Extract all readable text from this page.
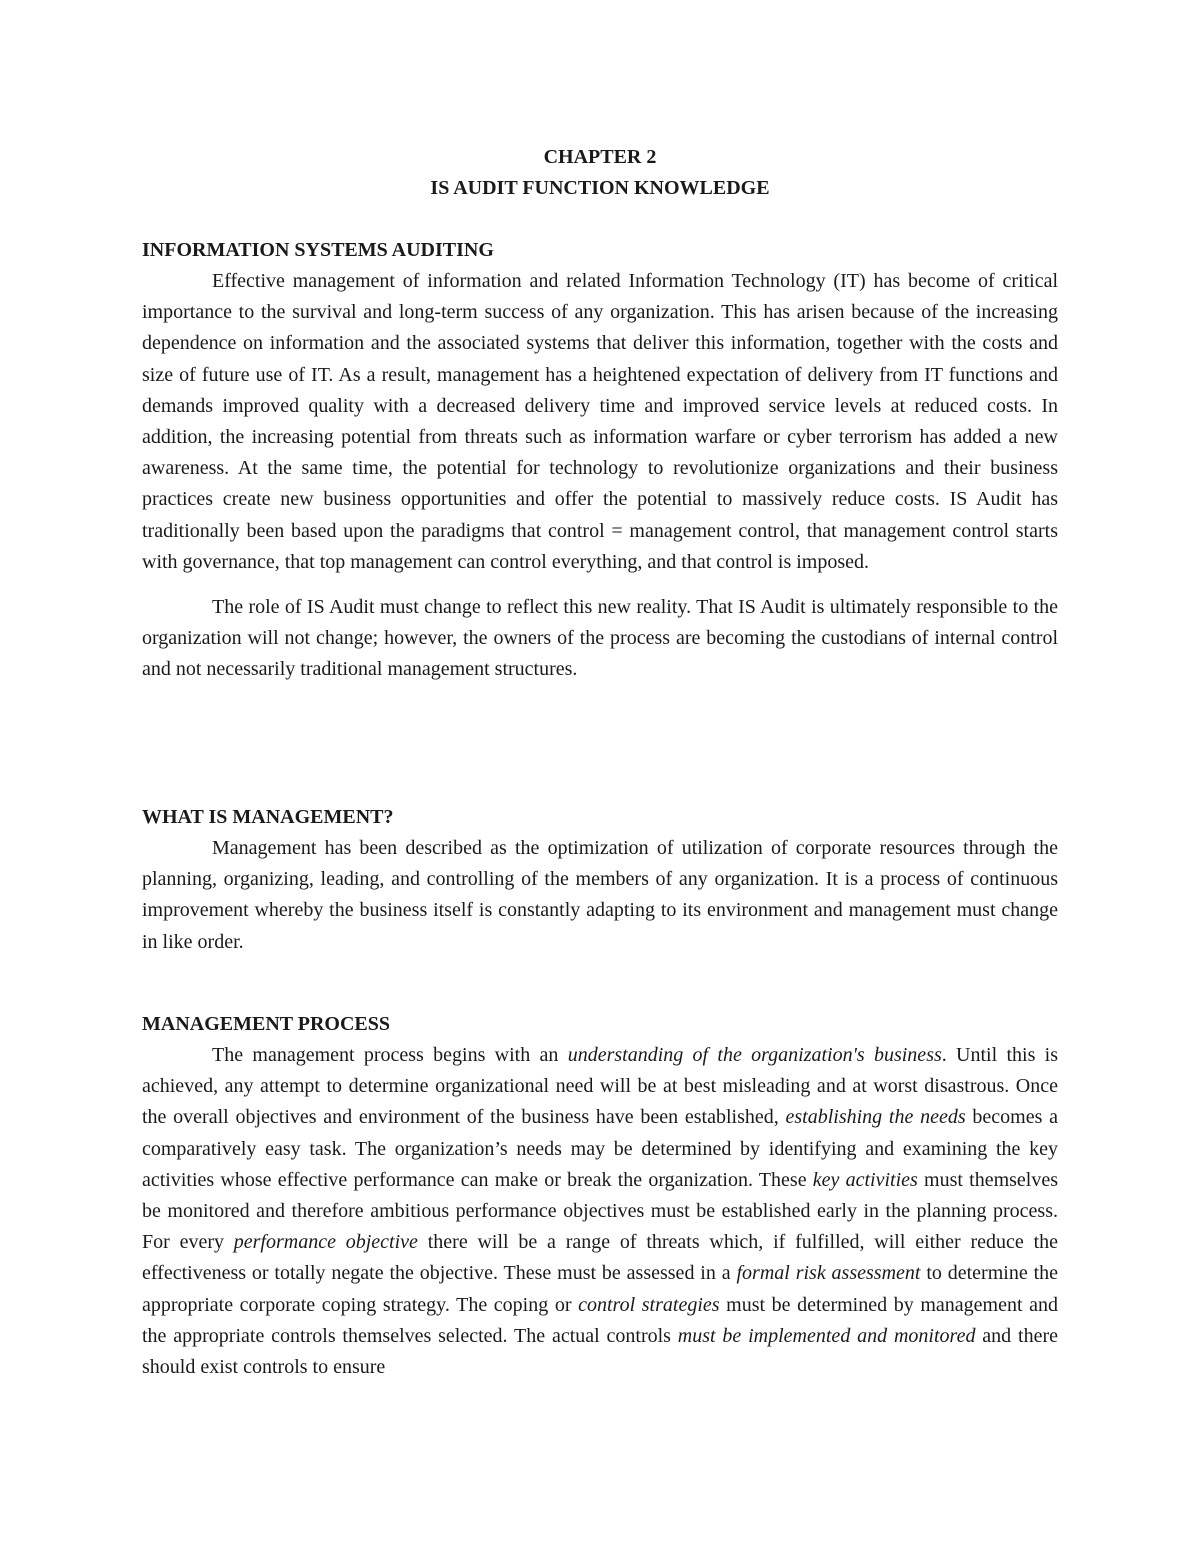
CHAPTER 2
IS AUDIT FUNCTION KNOWLEDGE
INFORMATION SYSTEMS AUDITING

Effective management of information and related Information Technology (IT) has become of critical importance to the survival and long-term success of any organization. This has arisen because of the increasing dependence on information and the associated systems that deliver this information, together with the costs and size of future use of IT. As a result, management has a heightened expectation of delivery from IT functions and demands improved quality with a decreased delivery time and improved service levels at reduced costs. In addition, the increasing potential from threats such as information warfare or cyber terrorism has added a new awareness. At the same time, the potential for technology to revolutionize organizations and their business practices create new business opportunities and offer the potential to massively reduce costs. IS Audit has traditionally been based upon the paradigms that control = management control, that management control starts with governance, that top management can control everything, and that control is imposed.

The role of IS Audit must change to reflect this new reality. That IS Audit is ultimately responsible to the organization will not change; however, the owners of the process are becoming the custodians of internal control and not necessarily traditional management structures.

WHAT IS MANAGEMENT?

Management has been described as the optimization of utilization of corporate resources through the planning, organizing, leading, and controlling of the members of any organization. It is a process of continuous improvement whereby the business itself is constantly adapting to its environment and management must change in like order.

MANAGEMENT PROCESS

The management process begins with an understanding of the organization's business. Until this is achieved, any attempt to determine organizational need will be at best misleading and at worst disastrous. Once the overall objectives and environment of the business have been established, establishing the needs becomes a comparatively easy task. The organization’s needs may be determined by identifying and examining the key activities whose effective performance can make or break the organization. These key activities must themselves be monitored and therefore ambitious performance objectives must be established early in the planning process. For every performance objective there will be a range of threats which, if fulfilled, will either reduce the effectiveness or totally negate the objective. These must be assessed in a formal risk assessment to determine the appropriate corporate coping strategy. The coping or control strategies must be determined by management and the appropriate controls themselves selected. The actual controls must be implemented and monitored and there should exist controls to ensure
